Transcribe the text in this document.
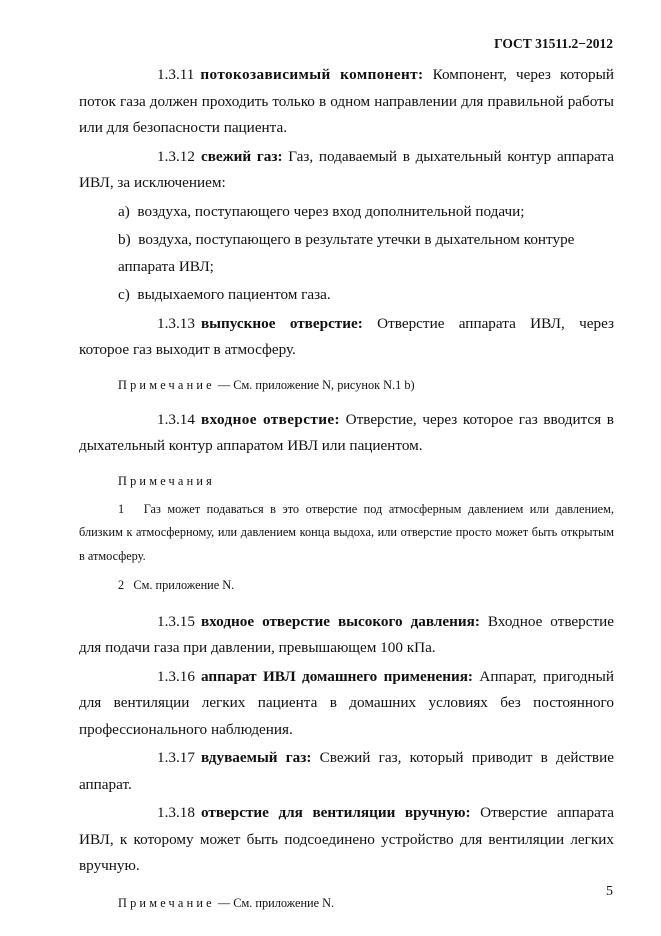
ГОСТ 31511.2−2012

1.3.11 потокозависимый компонент: Компонент, через который поток газа должен проходить только в одном направлении для правильной работы или для безопасности пациента.

1.3.12 свежий газ: Газ, подаваемый в дыхательный контур аппарата ИВЛ, за исключением:

a) воздуха, поступающего через вход дополнительной подачи;

b) воздуха, поступающего в результате утечки в дыхательном контуре аппарата ИВЛ;

c) выдыхаемого пациентом газа.

1.3.13 выпускное отверстие: Отверстие аппарата ИВЛ, через которое газ выходит в атмосферу.

Примечание — См. приложение N, рисунок N.1 b)

1.3.14 входное отверстие: Отверстие, через которое газ вводится в дыхательный контур аппаратом ИВЛ или пациентом.

Примечания

1 Газ может подаваться в это отверстие под атмосферным давлением или давлением, близким к атмосферному, или давлением конца выдоха, или отверстие просто может быть открытым в атмосферу.

2 См. приложение N.

1.3.15 входное отверстие высокого давления: Входное отверстие для подачи газа при давлении, превышающем 100 кПа.

1.3.16 аппарат ИВЛ домашнего применения: Аппарат, пригодный для вентиляции легких пациента в домашних условиях без постоянного профессионального наблюдения.

1.3.17 вдуваемый газ: Свежий газ, который приводит в действие аппарат.

1.3.18 отверстие для вентиляции вручную: Отверстие аппарата ИВЛ, к которому может быть подсоединено устройство для вентиляции легких вручную.

Примечание — См. приложение N.

5
